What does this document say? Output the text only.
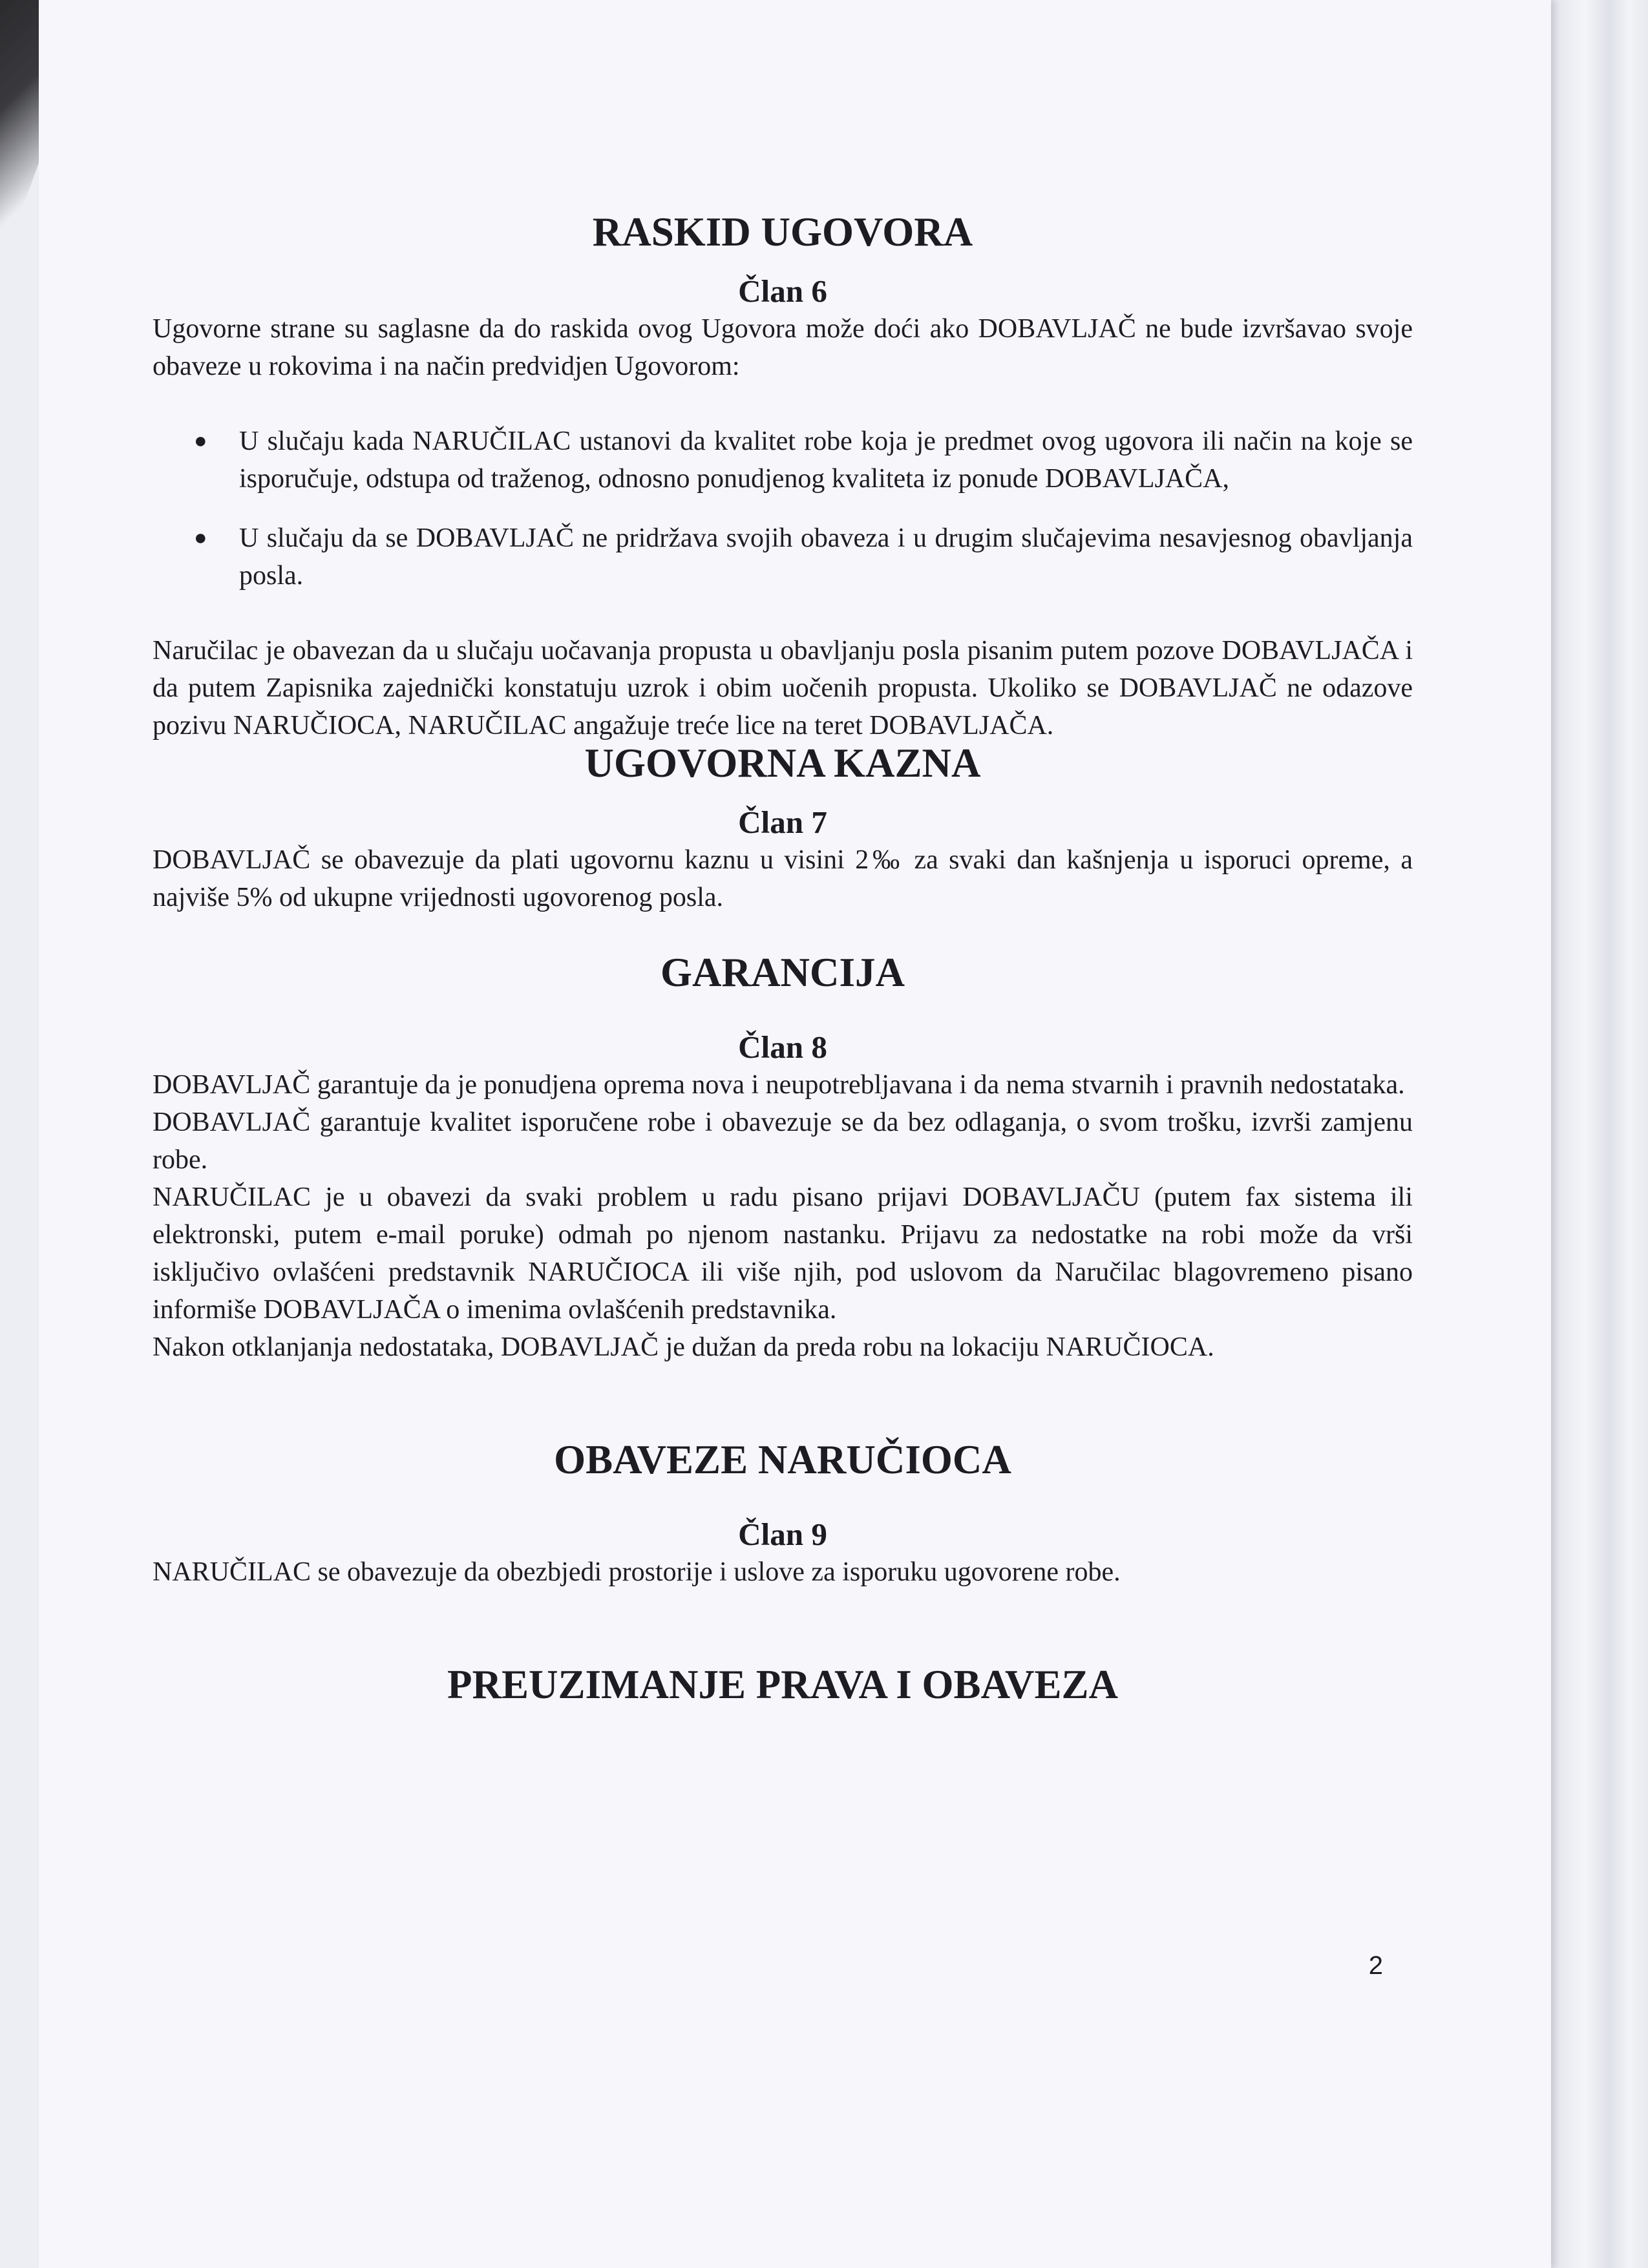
RASKID UGOVORA
Član 6

Ugovorne strane su saglasne da do raskida ovog Ugovora može doći ako DOBAVLJAČ ne bude izvršavao svoje obaveze u rokovima i na način predvidjen Ugovorom:

● U slučaju kada NARUČILAC ustanovi da kvalitet robe koja je predmet ovog ugovora ili način na koje se isporučuje, odstupa od traženog, odnosno ponudjenog kvaliteta iz ponude DOBAVLJAČA,
● U slučaju da se DOBAVLJAČ ne pridržava svojih obaveza i u drugim slučajevima nesavjesnog obavljanja posla.

Naručilac je obavezan da u slučaju uočavanja propusta u obavljanju posla pisanim putem pozove DOBAVLJAČA i da putem Zapisnika zajednički konstatuju uzrok i obim uočenih propusta. Ukoliko se DOBAVLJAČ ne odazove pozivu NARUČIOCA, NARUČILAC angažuje treće lice na teret DOBAVLJAČA.

UGOVORNA KAZNA
Član 7

DOBAVLJAČ se obavezuje da plati ugovornu kaznu u visini 2‰ za svaki dan kašnjenja u isporuci opreme, a najviše 5% od ukupne vrijednosti ugovorenog posla.

GARANCIJA
Član 8

DOBAVLJAČ garantuje da je ponudjena oprema nova i neupotrebljavana i da nema stvarnih i pravnih nedostataka.

DOBAVLJAČ garantuje kvalitet isporučene robe i obavezuje se da bez odlaganja, o svom trošku, izvrši zamjenu robe.

NARUČILAC je u obavezi da svaki problem u radu pisano prijavi DOBAVLJAČU (putem fax sistema ili elektronski, putem e-mail poruke) odmah po njenom nastanku. Prijavu za nedostatke na robi može da vrši isključivo ovlašćeni predstavnik NARUČIOCA ili više njih, pod uslovom da Naručilac blagovremeno pisano informiše DOBAVLJAČA o imenima ovlašćenih predstavnika.

Nakon otklanjanja nedostataka, DOBAVLJAČ je dužan da preda robu na lokaciju NARUČIOCA.

OBAVEZE NARUČIOCA
Član 9

NARUČILAC se obavezuje da obezbjedi prostorije i uslove za isporuku ugovorene robe.

PREUZIMANJE PRAVA I OBAVEZA
2
